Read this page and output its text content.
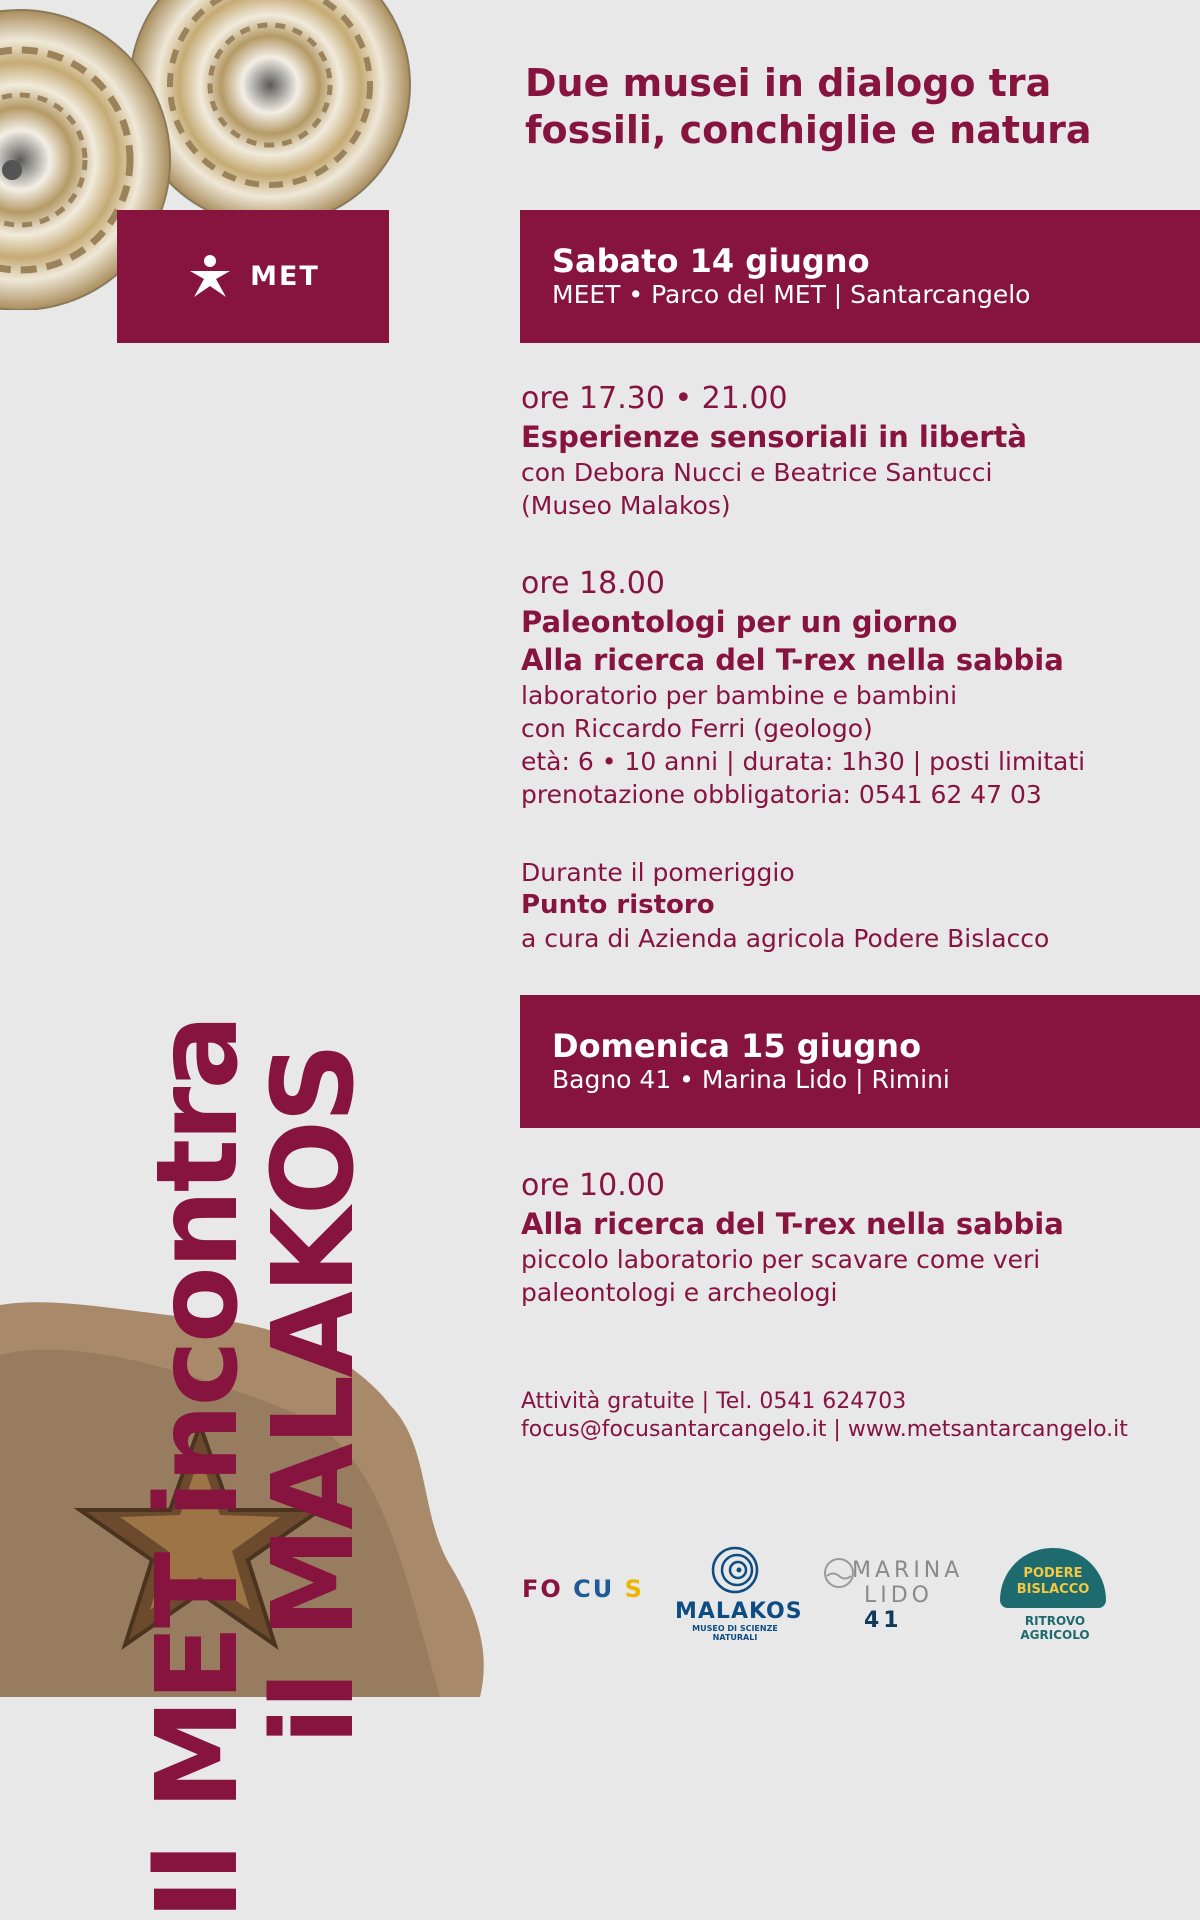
MET
Il MET incontra
il MALAKOS
Due musei in dialogo tra
fossili, conchiglie e natura
Sabato 14 giugno
MEET • Parco del MET | Santarcangelo
ore 17.30 • 21.00
Esperienze sensoriali in libertà
con Debora Nucci e Beatrice Santucci
(Museo Malakos)
ore 18.00
Paleontologi per un giorno
Alla ricerca del T-rex nella sabbia
laboratorio per bambine e bambini
con Riccardo Ferri (geologo)
età: 6 • 10 anni | durata: 1h30 | posti limitati
prenotazione obbligatoria: 0541 62 47 03
Durante il pomeriggio
Punto ristoro
a cura di Azienda agricola Podere Bislacco
Domenica 15 giugno
Bagno 41 • Marina Lido | Rimini
ore 10.00
Alla ricerca del T-rex nella sabbia
piccolo laboratorio per scavare come veri
paleontologi e archeologi
Attività gratuite | Tel. 0541 624703
focus@focusantarcangelo.it | www.metsantarcangelo.it
FO CU S
MALAKOS
MUSEO DI SCIENZE NATURALI
MARINA
LIDO 41
PODERE
BISLACCO
RITROVO AGRICOLO
